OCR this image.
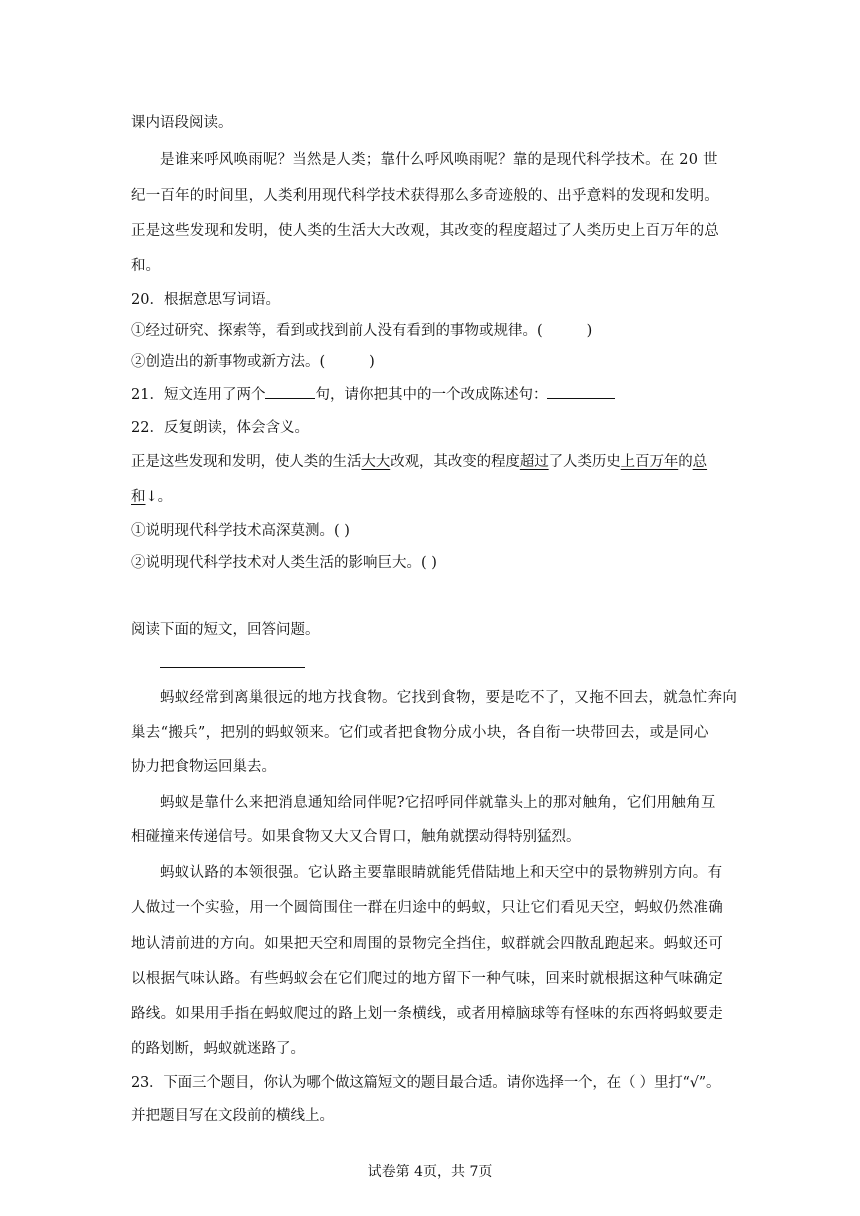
课内语段阅读。
是谁来呼风唤雨呢？当然是人类；靠什么呼风唤雨呢？靠的是现代科学技术。在 20 世
纪一百年的时间里，人类利用现代科学技术获得那么多奇迹般的、出乎意料的发现和发明。
正是这些发现和发明，使人类的生活大大改观，其改变的程度超过了人类历史上百万年的总
和。
20．根据意思写词语。
①经过研究、探索等，看到或找到前人没有看到的事物或规律。(	)
②创造出的新事物或新方法。(	)
21．短文连用了两个	句，请你把其中的一个改成陈述句：
22．反复朗读，体会含义。
正是这些发现和发明，使人类的生活大大改观，其改变的程度超过了人类历史上百万年的总
和↓。
①说明现代科学技术高深莫测。( )
②说明现代科学技术对人类生活的影响巨大。( )
阅读下面的短文，回答问题。
蚂蚁经常到离巢很远的地方找食物。它找到食物，要是吃不了，又拖不回去，就急忙奔向
巢去“搬兵”，把别的蚂蚁领来。它们或者把食物分成小块，各自衔一块带回去，或是同心
协力把食物运回巢去。
蚂蚁是靠什么来把消息通知给同伴呢?它招呼同伴就靠头上的那对触角，它们用触角互
相碰撞来传递信号。如果食物又大又合胃口，触角就摆动得特别猛烈。
蚂蚁认路的本领很强。它认路主要靠眼睛就能凭借陆地上和天空中的景物辨别方向。有
人做过一个实验，用一个圆筒围住一群在归途中的蚂蚁，只让它们看见天空，蚂蚁仍然准确
地认清前进的方向。如果把天空和周围的景物完全挡住，蚁群就会四散乱跑起来。蚂蚁还可
以根据气味认路。有些蚂蚁会在它们爬过的地方留下一种气味，回来时就根据这种气味确定
路线。如果用手指在蚂蚁爬过的路上划一条横线，或者用樟脑球等有怪味的东西将蚂蚁要走
的路划断，蚂蚁就迷路了。
23．下面三个题目，你认为哪个做这篇短文的题目最合适。请你选择一个，在（ ）里打“√”。
并把题目写在文段前的横线上。
试卷第 4页，共 7页
